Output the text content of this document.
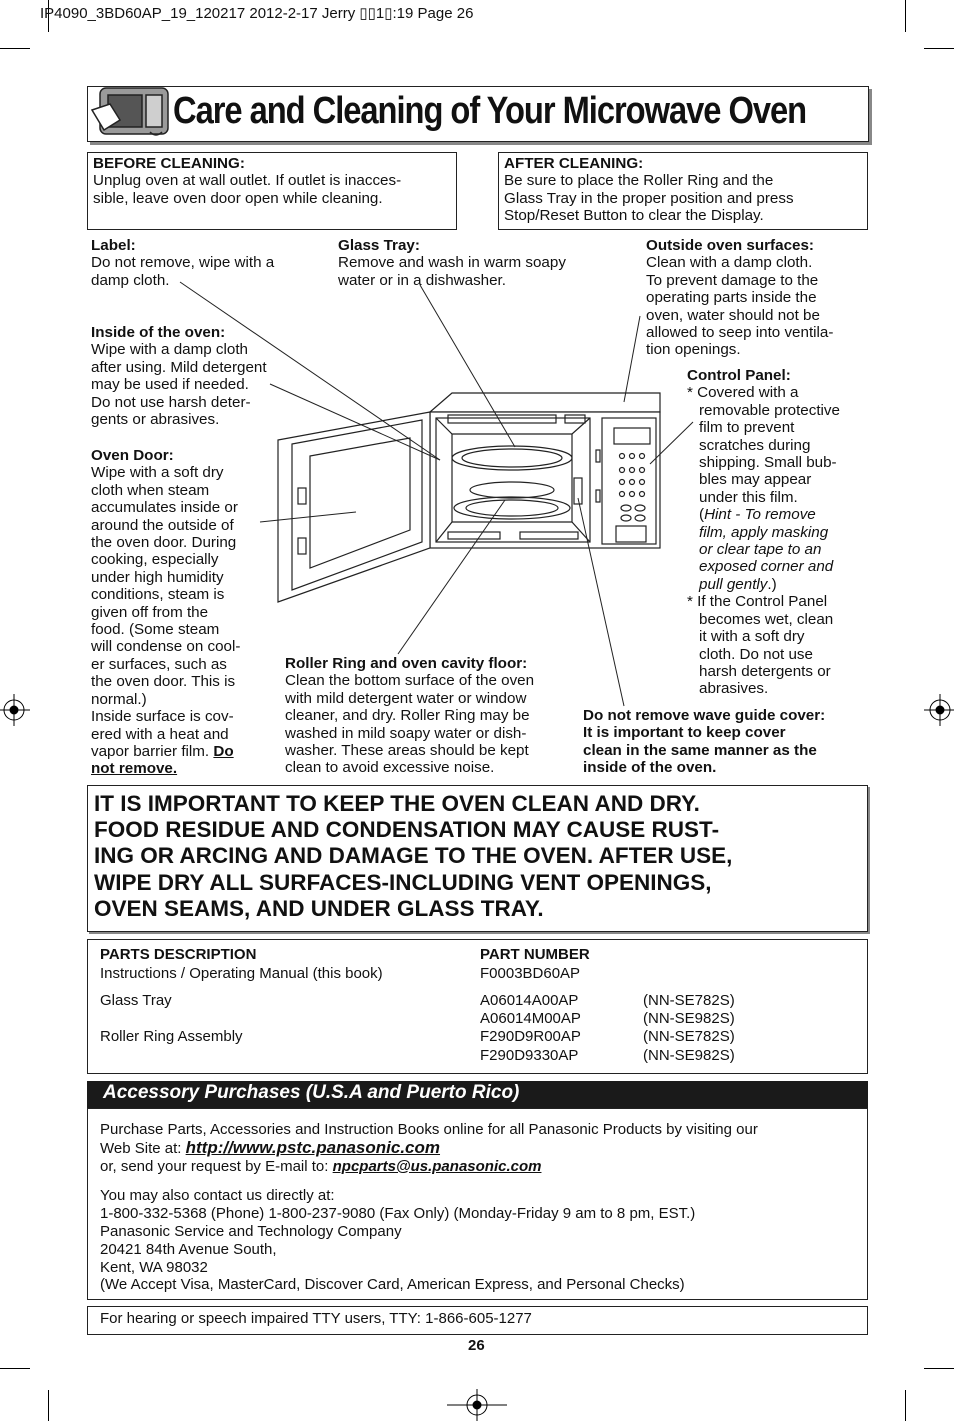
IP4090_3BD60AP_19_120217 2012-2-17 Jerry ▯▯1▯:19 Page 26
Care and Cleaning of Your Microwave Oven
BEFORE CLEANING:
Unplug oven at wall outlet. If outlet is inacces-
sible, leave oven door open while cleaning.
AFTER CLEANING:
Be sure to place the Roller Ring and the
Glass Tray in the proper position and press
Stop/Reset Button to clear the Display.
Label:
Do not remove, wipe with a
damp cloth.
Glass Tray:
Remove and wash in warm soapy
water or in a dishwasher.
Outside oven surfaces:
Clean with a damp cloth.
To prevent damage to the
operating parts inside the
oven, water should not be
allowed to seep into ventila-
tion openings.
Inside of the oven:
Wipe with a damp cloth
after using. Mild detergent
may be used if needed.
Do not use harsh deter-
gents or abrasives.
Control Panel:
* Covered with a
removable protective
film to prevent
scratches during
shipping. Small bub-
bles may appear
under this film.
(Hint - To remove
film, apply masking
or clear tape to an
exposed corner and
pull gently.)
* If the Control Panel
becomes wet, clean
it with a soft dry
cloth. Do not use
harsh detergents or
abrasives.
Oven Door:
Wipe with a soft dry
cloth when steam
accumulates inside or
around the outside of
the oven door. During
cooking, especially
under high humidity
conditions, steam is
given off from the
food. (Some steam
will condense on cool-
er surfaces, such as
the oven door. This is
normal.)
Inside surface is cov-
ered with a heat and
vapor barrier film. Do
not remove.
Roller Ring and oven cavity floor:
Clean the bottom surface of the oven
with mild detergent water or window
cleaner, and dry. Roller Ring may be
washed in mild soapy water or dish-
washer. These areas should be kept
clean to avoid excessive noise.
Do not remove wave guide cover:
It is important to keep cover
clean in the same manner as the
inside of the oven.
IT IS IMPORTANT TO KEEP THE OVEN CLEAN AND DRY.
FOOD RESIDUE AND CONDENSATION MAY CAUSE RUST-
ING OR ARCING AND DAMAGE TO THE OVEN. AFTER USE,
WIPE DRY ALL SURFACES-INCLUDING VENT OPENINGS,
OVEN SEAMS, AND UNDER GLASS TRAY.
PARTS DESCRIPTION	PART NUMBER
Instructions / Operating Manual (this book)	F0003BD60AP
Glass Tray	A06014A00AP	(NN-SE782S)
A06014M00AP	(NN-SE982S)
Roller Ring Assembly	F290D9R00AP	(NN-SE782S)
F290D9330AP	(NN-SE982S)
Accessory Purchases (U.S.A and Puerto Rico)
Purchase Parts, Accessories and Instruction Books online for all Panasonic Products by visiting our
Web Site at: http://www.pstc.panasonic.com
or, send your request by E-mail to: npcparts@us.panasonic.com
You may also contact us directly at:
1-800-332-5368 (Phone) 1-800-237-9080 (Fax Only) (Monday-Friday 9 am to 8 pm, EST.)
Panasonic Service and Technology Company
20421 84th Avenue South,
Kent, WA 98032
(We Accept Visa, MasterCard, Discover Card, American Express, and Personal Checks)
For hearing or speech impaired TTY users, TTY: 1-866-605-1277
26
